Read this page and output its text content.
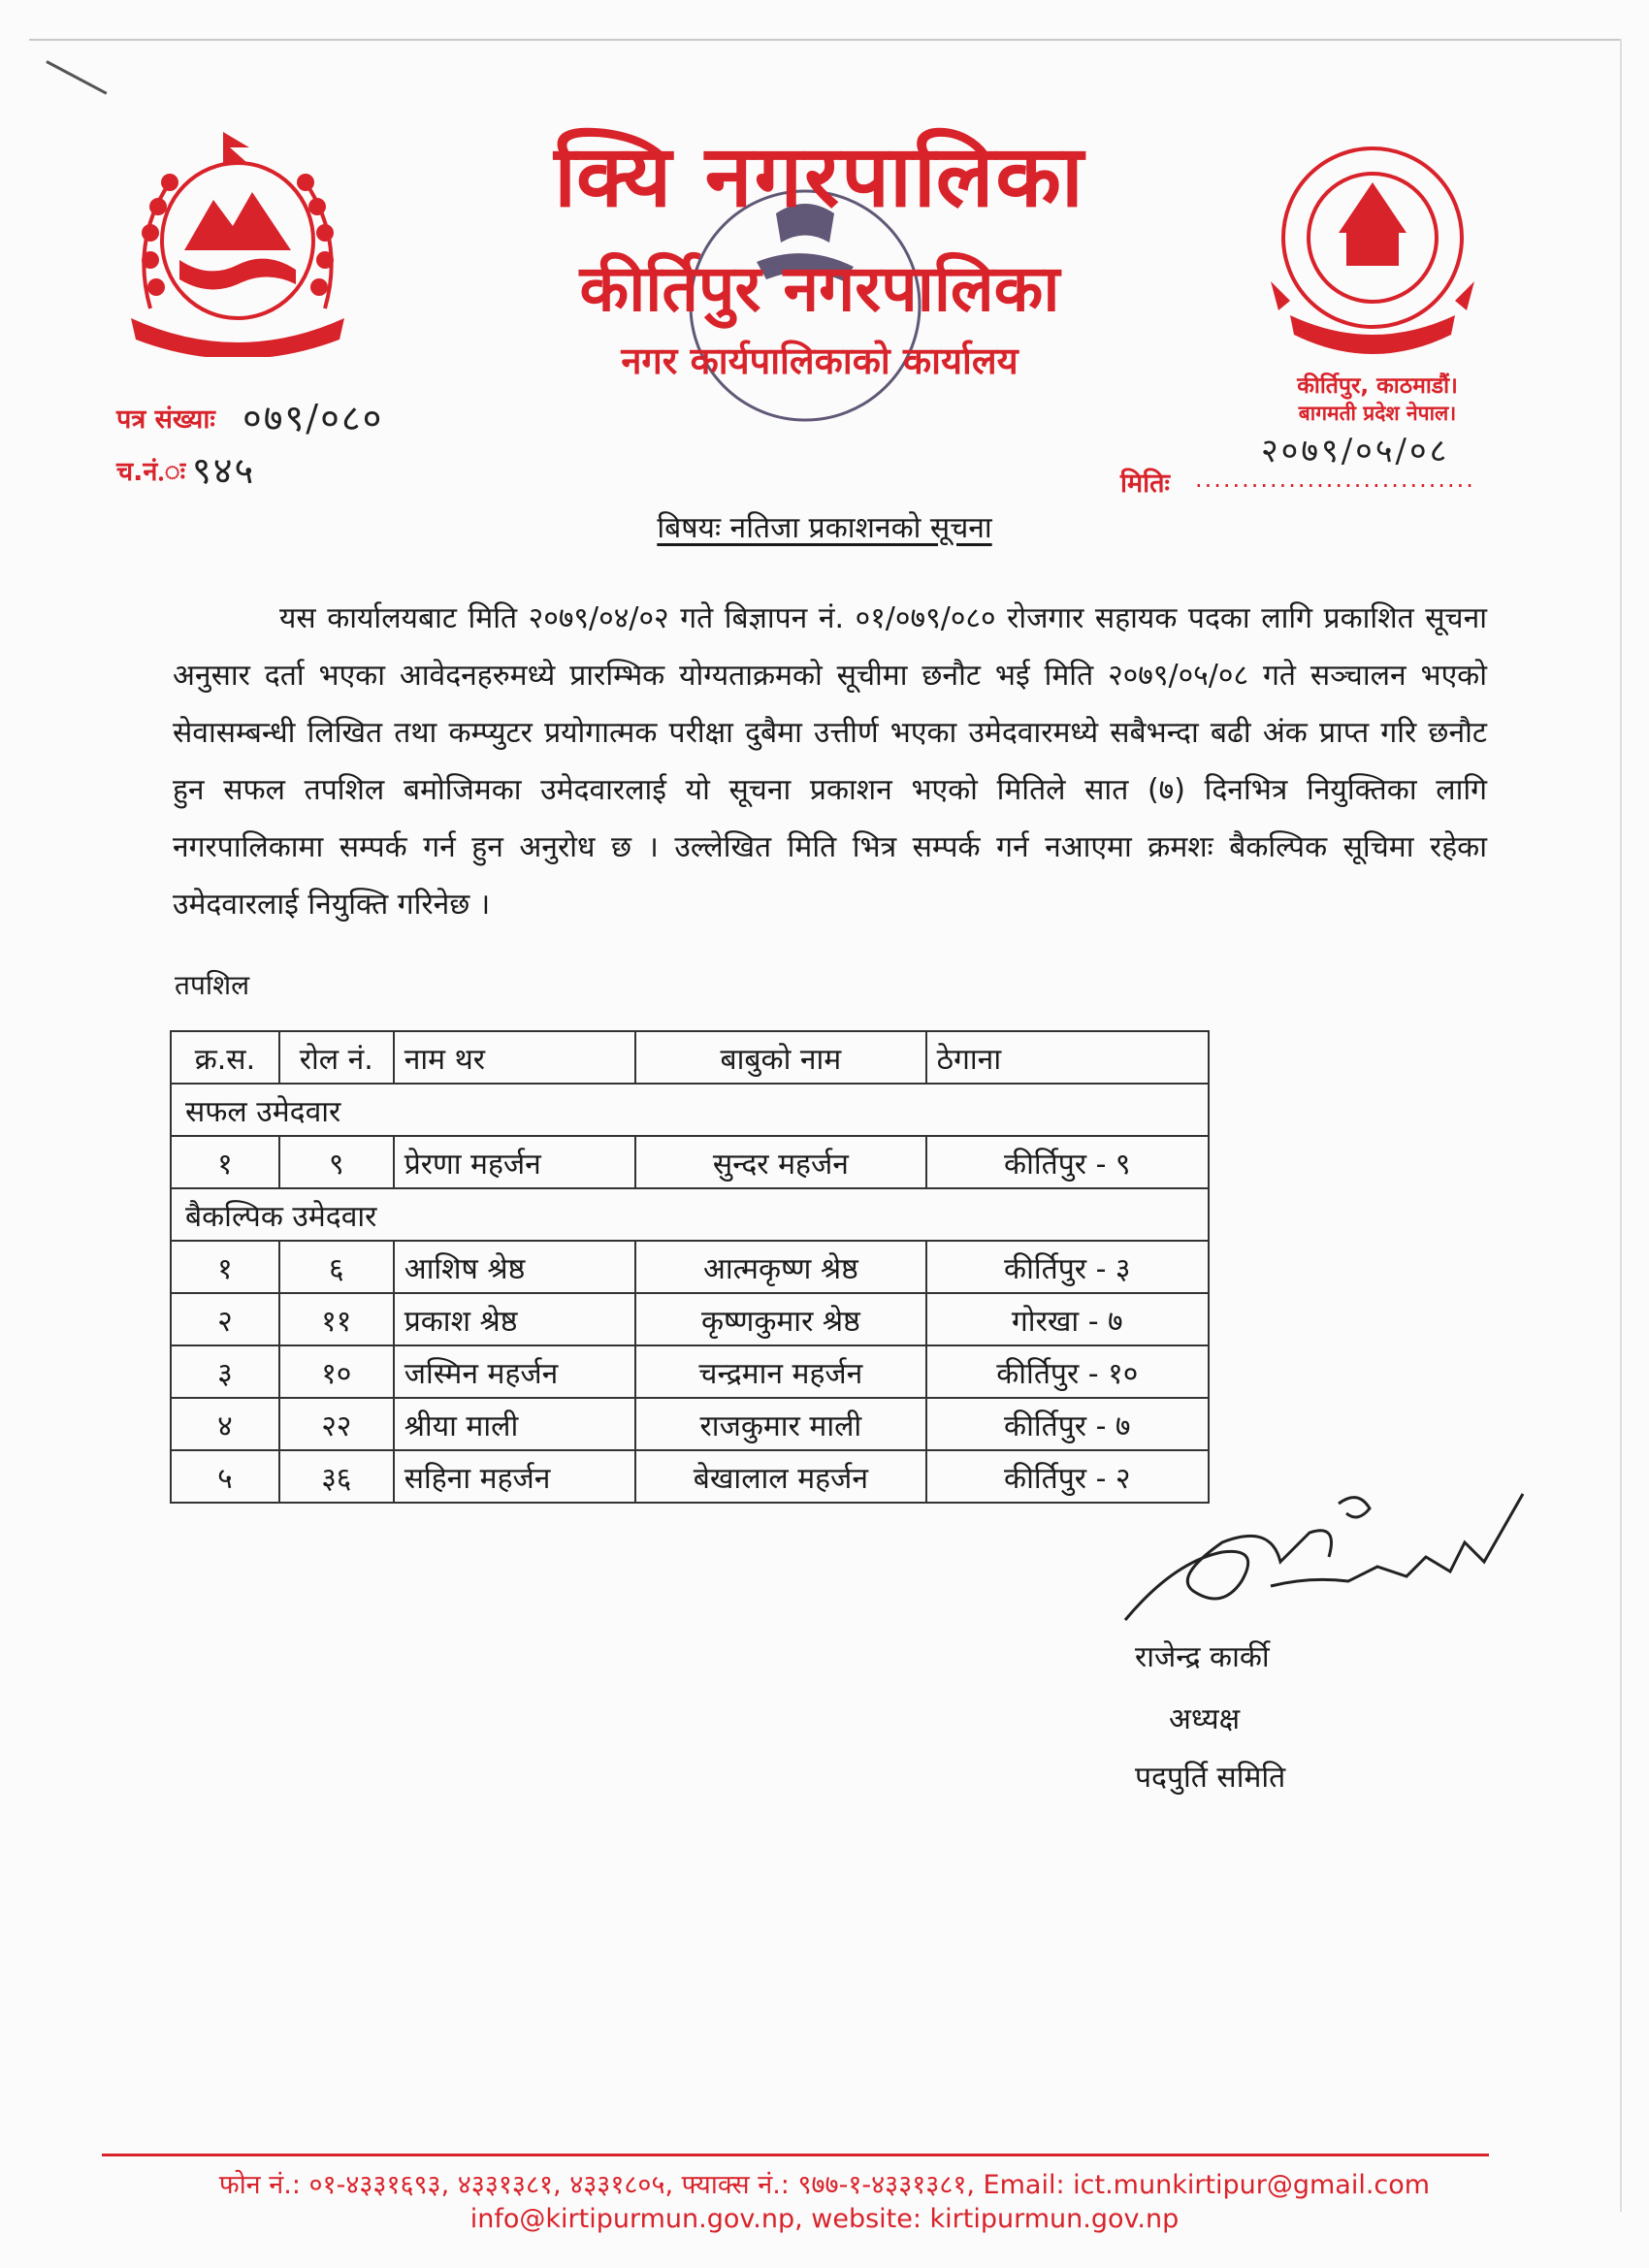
क्यि नगरपालिका
कीर्तिपुर नगरपालिका
नगर कार्यपालिकाको कार्यालय
कीर्तिपुर, काठमाडौं।
बागमती प्रदेश नेपाल।
२०७९/०५/०८
मितिः ..............................
पत्र संख्याः ०७९/०८०
च.नं.ः ९४५
बिषयः नतिजा प्रकाशनको सूचना
यस कार्यालयबाट मिति २०७९/०४/०२ गते बिज्ञापन नं. ०१/०७९/०८० रोजगार सहायक पदका लागि प्रकाशित सूचना अनुसार दर्ता भएका आवेदनहरुमध्ये प्रारम्भिक योग्यताक्रमको सूचीमा छनौट भई मिति २०७९/०५/०८ गते सञ्चालन भएको सेवासम्बन्धी लिखित तथा कम्प्युटर प्रयोगात्मक परीक्षा दुबैमा उत्तीर्ण भएका उमेदवारमध्ये सबैभन्दा बढी अंक प्राप्त गरि छनौट हुन सफल तपशिल बमोजिमका उमेदवारलाई यो सूचना प्रकाशन भएको मितिले सात (७) दिनभित्र नियुक्तिका लागि नगरपालिकामा सम्पर्क गर्न हुन अनुरोध छ । उल्लेखित मिति भित्र सम्पर्क गर्न नआएमा क्रमशः बैकल्पिक सूचिमा रहेका उमेदवारलाई नियुक्ति गरिनेछ ।
तपशिल
क्र.स.	रोल नं.	नाम थर	बाबुको नाम	ठेगाना
सफल उमेदवार				
१	९	प्रेरणा महर्जन	सुन्दर महर्जन	कीर्तिपुर - ९
बैकल्पिक उमेदवार				
१	६	आशिष श्रेष्ठ	आत्मकृष्ण श्रेष्ठ	कीर्तिपुर - ३
२	११	प्रकाश श्रेष्ठ	कृष्णकुमार श्रेष्ठ	गोरखा - ७
३	१०	जस्मिन महर्जन	चन्द्रमान महर्जन	कीर्तिपुर - १०
४	२२	श्रीया माली	राजकुमार माली	कीर्तिपुर - ७
५	३६	सहिना महर्जन	बेखालाल महर्जन	कीर्तिपुर - २
राजेन्द्र कार्की
अध्यक्ष
पदपुर्ति समिति
फोन नं.: ०१-४३३१६९३, ४३३१३८१, ४३३१८०५, फ्याक्स नं.: ९७७-१-४३३१३८१, Email: ict.munkirtipur@gmail.com
info@kirtipurmun.gov.np, website: kirtipurmun.gov.np
